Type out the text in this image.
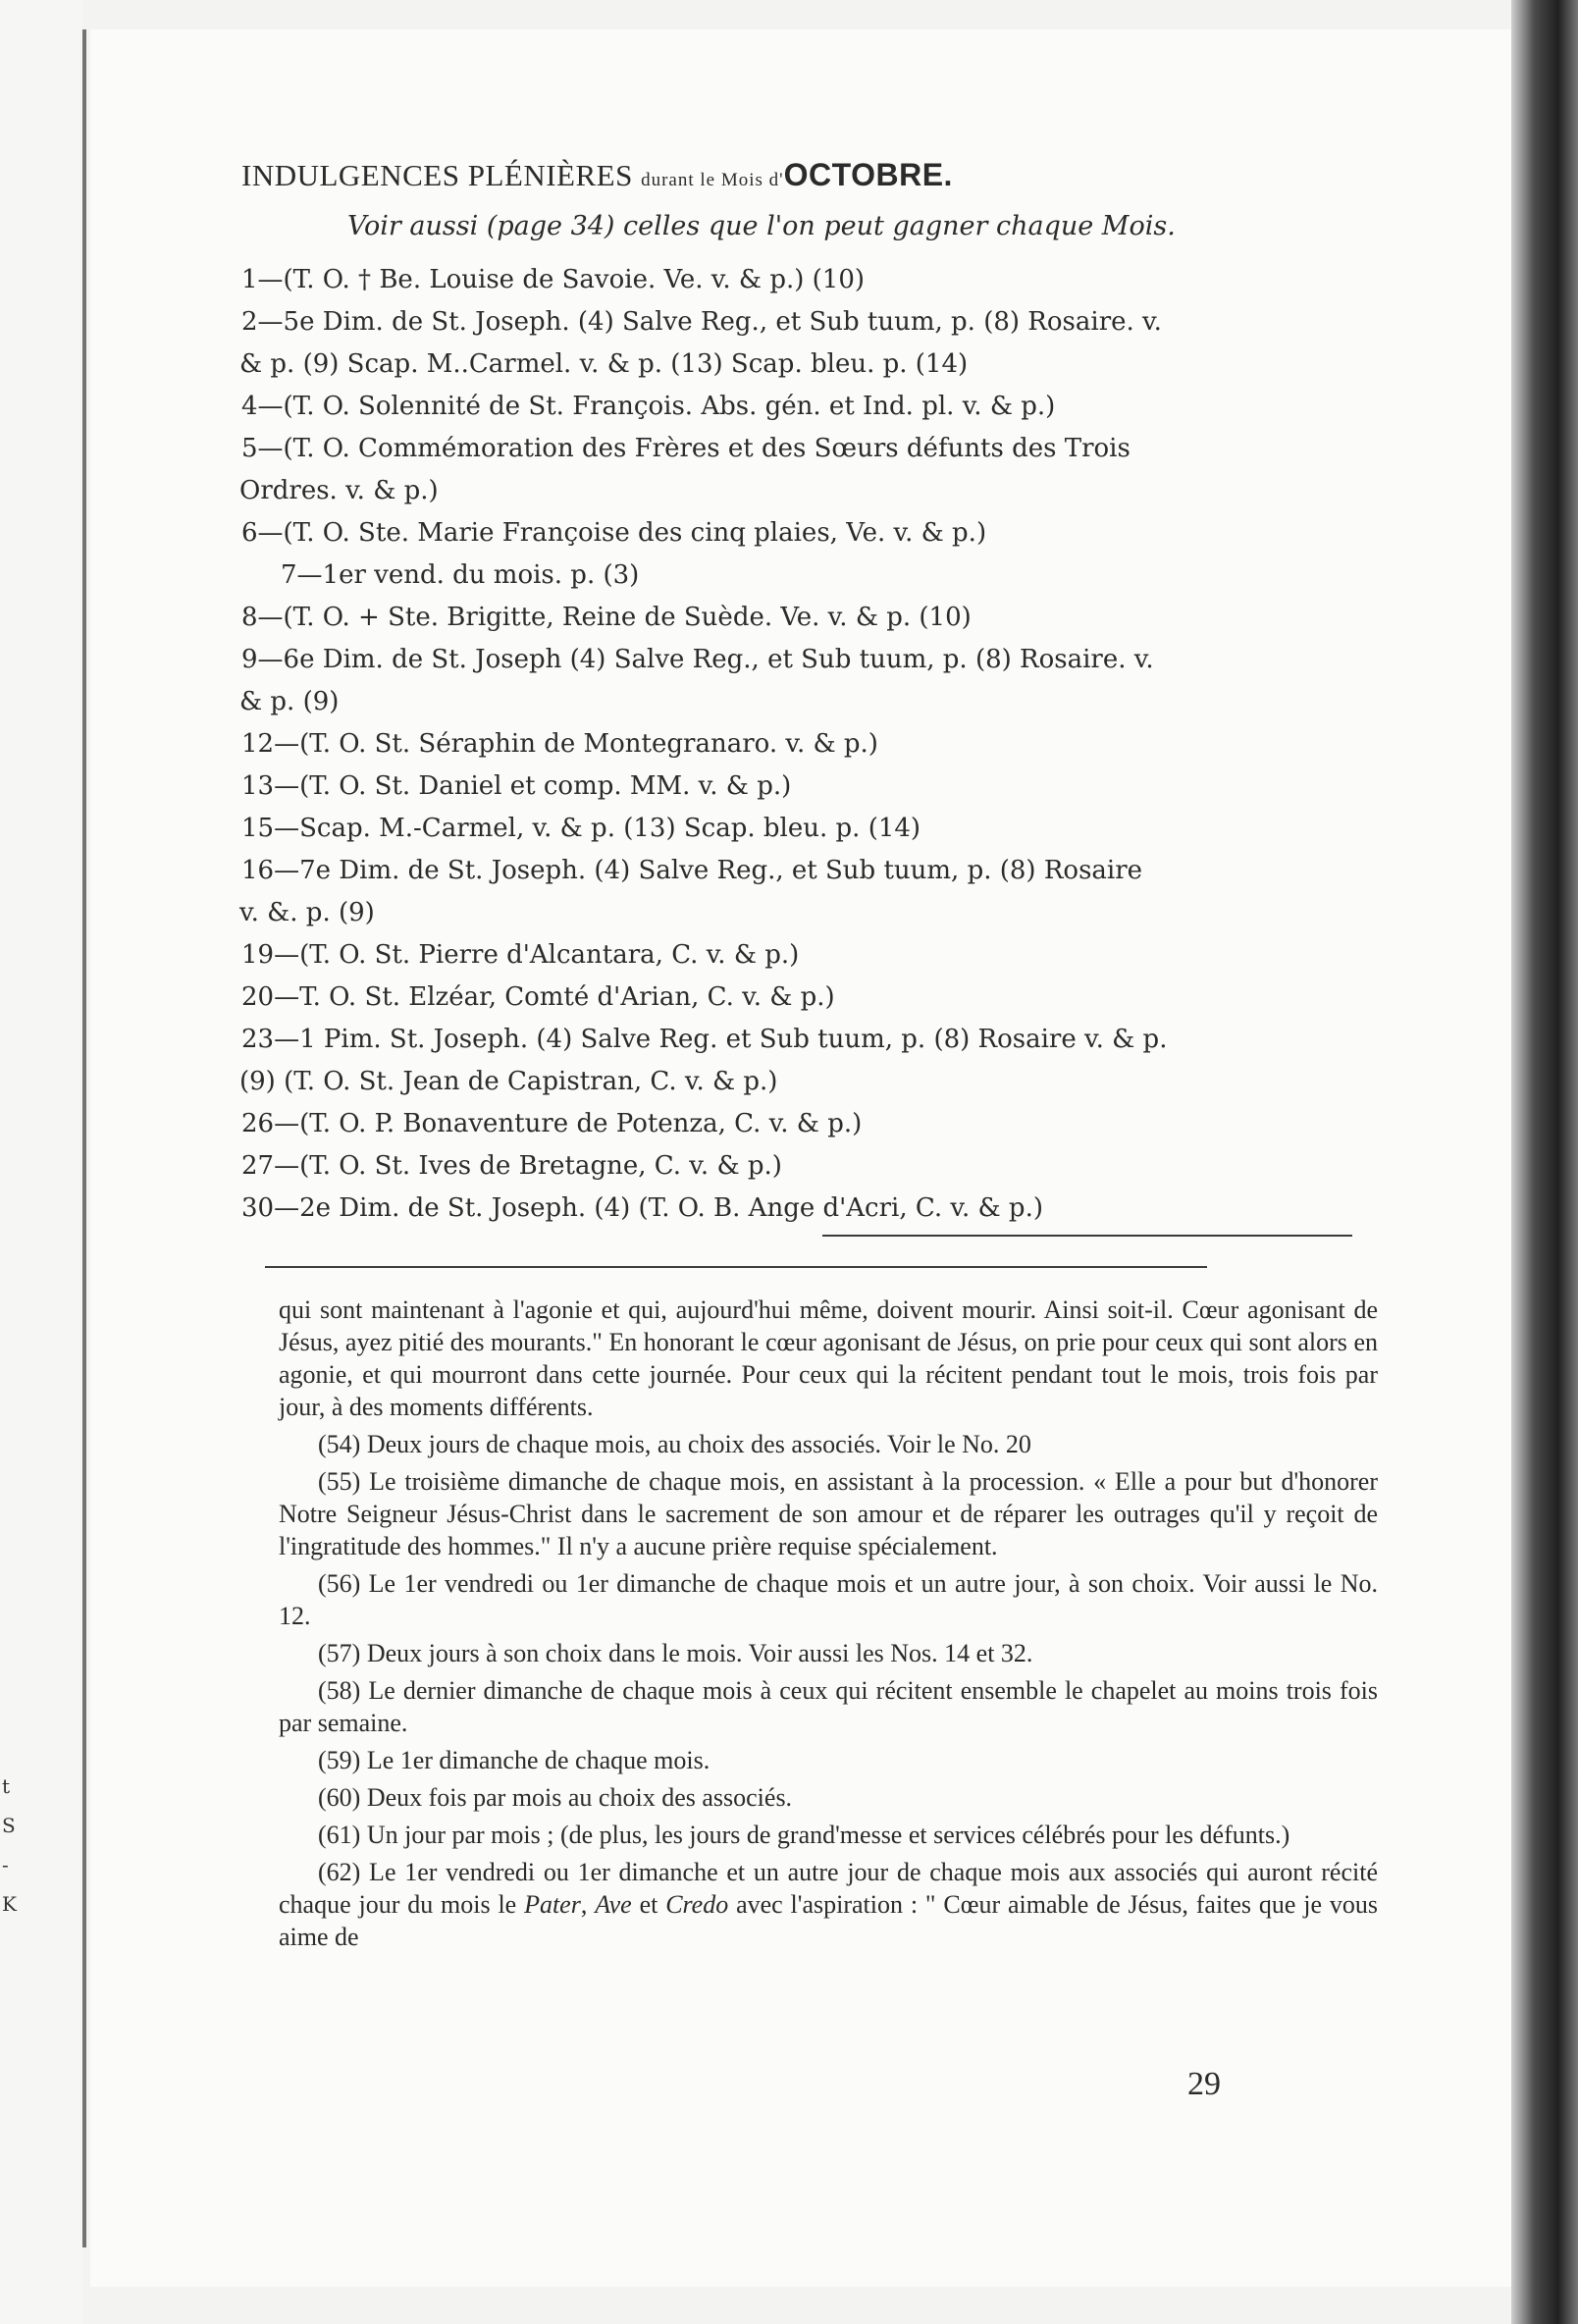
t
S
-
K
INDULGENCES PLÉNIÈRES durant le Mois d'OCTOBRE.
Voir aussi (page 34) celles que l'on peut gagner chaque Mois.
1—(T. O. † Be. Louise de Savoie. Ve. v. & p.) (10)
2—5e Dim. de St. Joseph. (4) Salve Reg., et Sub tuum, p. (8) Rosaire. v.
& p. (9) Scap. M..Carmel. v. & p. (13) Scap. bleu. p. (14)
4—(T. O. Solennité de St. François. Abs. gén. et Ind. pl. v. & p.)
5—(T. O. Commémoration des Frères et des Sœurs défunts des Trois
Ordres. v. & p.)
6—(T. O. Ste. Marie Françoise des cinq plaies, Ve. v. & p.)
7—1er vend. du mois. p. (3)
8—(T. O. + Ste. Brigitte, Reine de Suède. Ve. v. & p. (10)
9—6e Dim. de St. Joseph (4) Salve Reg., et Sub tuum, p. (8) Rosaire. v.
& p. (9)
12—(T. O. St. Séraphin de Montegranaro. v. & p.)
13—(T. O. St. Daniel et comp. MM. v. & p.)
15—Scap. M.-Carmel, v. & p. (13) Scap. bleu. p. (14)
16—7e Dim. de St. Joseph. (4) Salve Reg., et Sub tuum, p. (8) Rosaire
v. &. p. (9)
19—(T. O. St. Pierre d'Alcantara, C. v. & p.)
20—T. O. St. Elzéar, Comté d'Arian, C. v. & p.)
23—1 Pim. St. Joseph. (4) Salve Reg. et Sub tuum, p. (8) Rosaire v. & p.
(9) (T. O. St. Jean de Capistran, C. v. & p.)
26—(T. O. P. Bonaventure de Potenza, C. v. & p.)
27—(T. O. St. Ives de Bretagne, C. v. & p.)
30—2e Dim. de St. Joseph. (4) (T. O. B. Ange d'Acri, C. v. & p.)

qui sont maintenant à l'agonie et qui, aujourd'hui même, doivent mourir. Ainsi soit-il. Cœur agonisant de Jésus, ayez pitié des mourants." En honorant le cœur agonisant de Jésus, on prie pour ceux qui sont alors en agonie, et qui mourront dans cette journée. Pour ceux qui la récitent pendant tout le mois, trois fois par jour, à des moments différents.

(54) Deux jours de chaque mois, au choix des associés. Voir le No. 20

(55) Le troisième dimanche de chaque mois, en assistant à la procession. « Elle a pour but d'honorer Notre Seigneur Jésus-Christ dans le sacrement de son amour et de réparer les outrages qu'il y reçoit de l'ingratitude des hommes." Il n'y a aucune prière requise spécialement.

(56) Le 1er vendredi ou 1er dimanche de chaque mois et un autre jour, à son choix. Voir aussi le No. 12.

(57) Deux jours à son choix dans le mois. Voir aussi les Nos. 14 et 32.

(58) Le dernier dimanche de chaque mois à ceux qui récitent ensemble le chapelet au moins trois fois par semaine.

(59) Le 1er dimanche de chaque mois.

(60) Deux fois par mois au choix des associés.

(61) Un jour par mois ; (de plus, les jours de grand'messe et services célébrés pour les défunts.)

(62) Le 1er vendredi ou 1er dimanche et un autre jour de chaque mois aux associés qui auront récité chaque jour du mois le Pater, Ave et Credo avec l'aspiration : " Cœur aimable de Jésus, faites que je vous aime de

29
